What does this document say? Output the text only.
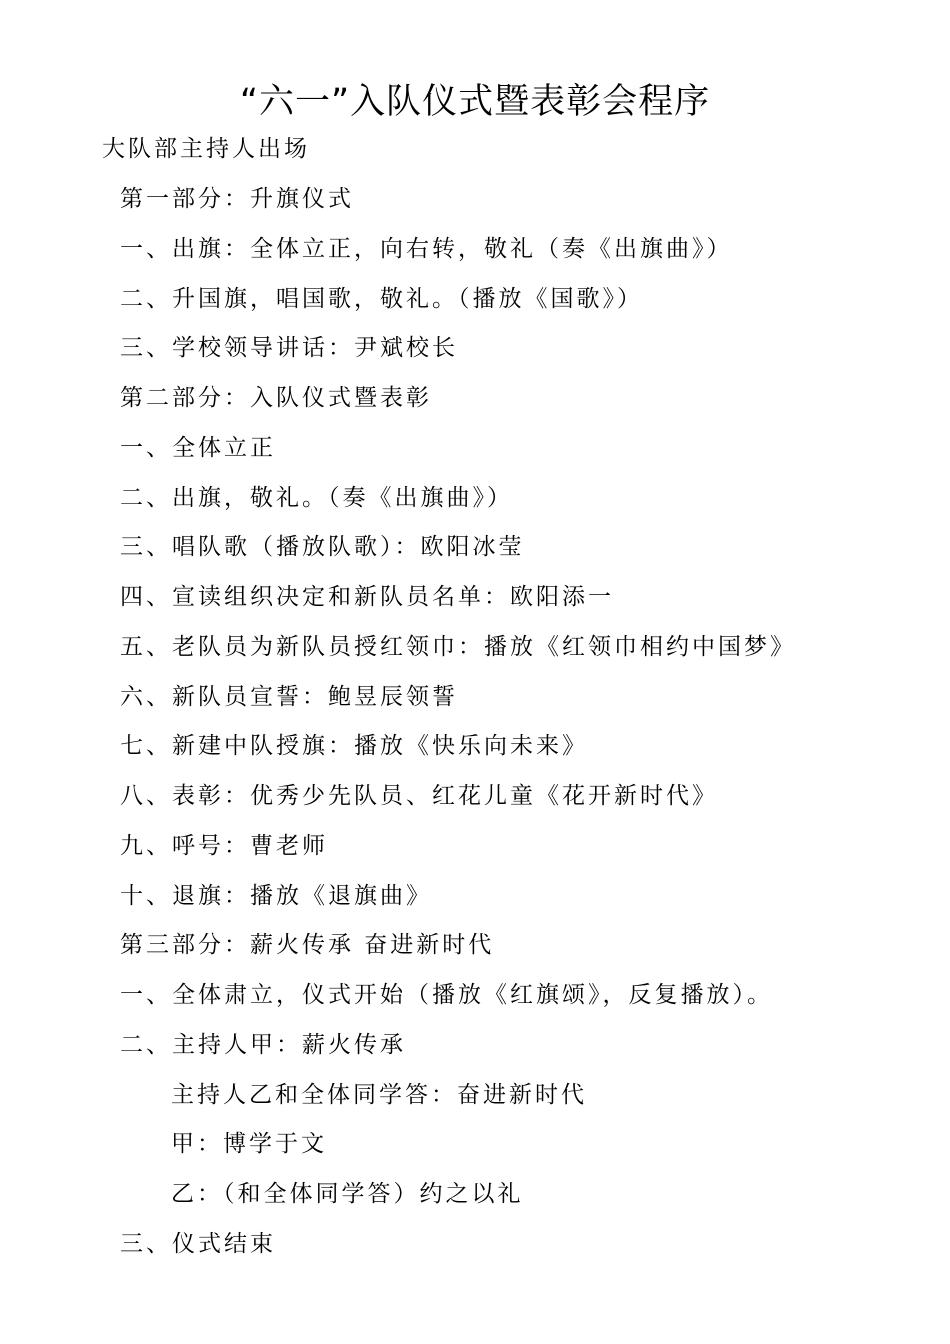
“六一”入队仪式暨表彰会程序
大队部主持人出场
第一部分：升旗仪式
一、出旗：全体立正，向右转，敬礼（奏《出旗曲》）
二、升国旗，唱国歌，敬礼。（播放《国歌》）
三、学校领导讲话：尹斌校长
第二部分：入队仪式暨表彰
一、全体立正
二、出旗，敬礼。（奏《出旗曲》）
三、唱队歌（播放队歌）：欧阳冰莹
四、宣读组织决定和新队员名单：欧阳添一
五、老队员为新队员授红领巾：播放《红领巾相约中国梦》
六、新队员宣誓：鲍昱辰领誓
七、新建中队授旗：播放《快乐向未来》
八、表彰：优秀少先队员、红花儿童《花开新时代》
九、呼号：曹老师
十、退旗：播放《退旗曲》
第三部分：薪火传承 奋进新时代
一、全体肃立，仪式开始（播放《红旗颂》，反复播放）。
二、主持人甲：薪火传承
主持人乙和全体同学答：奋进新时代
甲：博学于文
乙：（和全体同学答）约之以礼
三、仪式结束
